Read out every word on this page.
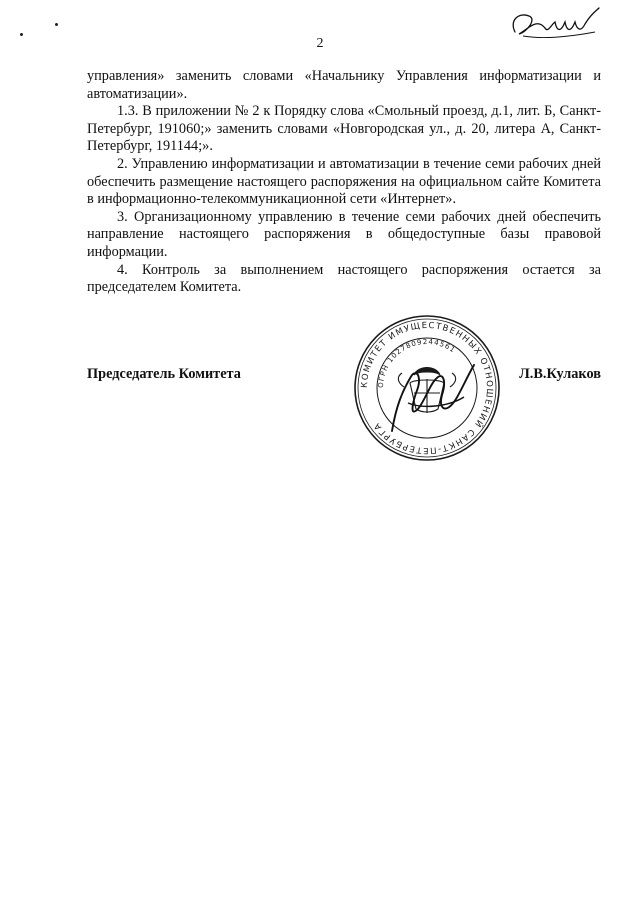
2

управления» заменить словами «Начальнику Управления информатизации и автоматизации».

1.3. В приложении № 2 к Порядку слова «Смольный проезд, д.1, лит. Б, Санкт-Петербург, 191060;» заменить словами «Новгородская ул., д. 20, литера А, Санкт-Петербург, 191144;».

2. Управлению информатизации и автоматизации в течение семи рабочих дней обеспечить размещение настоящего распоряжения на официальном сайте Комитета в информационно-телекоммуникационной сети «Интернет».

3. Организационному управлению в течение семи рабочих дней обеспечить направление настоящего распоряжения в общедоступные базы правовой информации.

4. Контроль за выполнением настоящего распоряжения остается за председателем Комитета.

КОМИТЕТ ИМУЩЕСТВЕННЫХ ОТНОШЕНИЙ САНКТ-ПЕТЕРБУРГА
ОГРН 1027809244561
Председатель Комитета	Л.В.Кулаков
